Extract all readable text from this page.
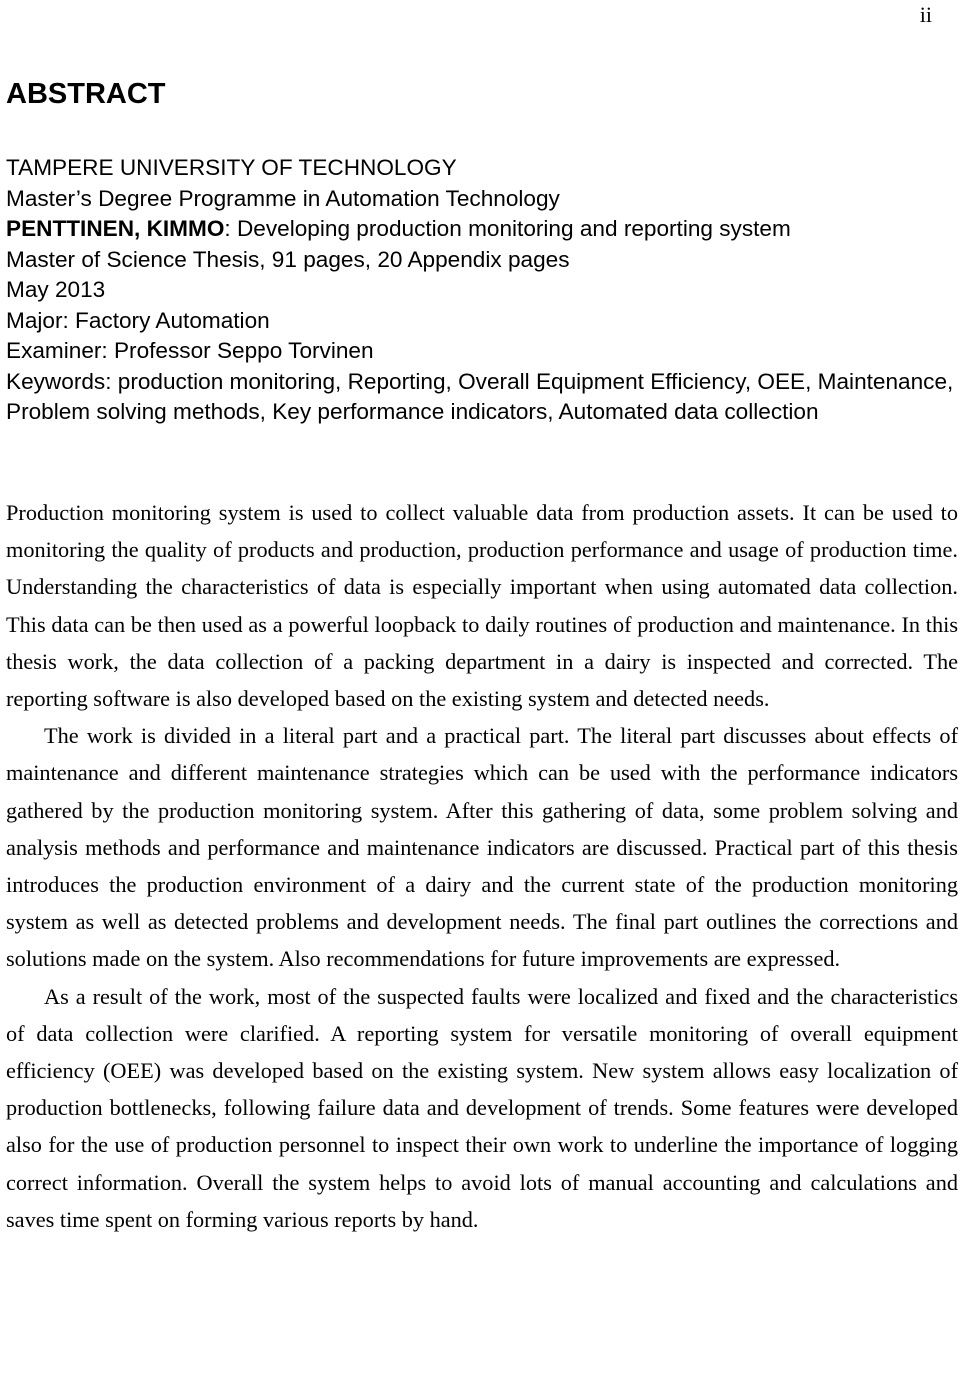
ii
ABSTRACT
TAMPERE UNIVERSITY OF TECHNOLOGY
Master’s Degree Programme in Automation Technology
PENTTINEN, KIMMO: Developing production monitoring and reporting system
Master of Science Thesis, 91 pages, 20 Appendix pages
May 2013
Major: Factory Automation
Examiner: Professor Seppo Torvinen
Keywords: production monitoring, Reporting, Overall Equipment Efficiency, OEE, Maintenance, Problem solving methods, Key performance indicators, Automated data collection

Production monitoring system is used to collect valuable data from production assets. It can be used to monitoring the quality of products and production, production performance and usage of production time. Understanding the characteristics of data is especially important when using automated data collection. This data can be then used as a powerful loopback to daily routines of production and maintenance. In this thesis work, the data collection of a packing department in a dairy is inspected and corrected. The reporting software is also developed based on the existing system and detected needs.

The work is divided in a literal part and a practical part. The literal part discusses about effects of maintenance and different maintenance strategies which can be used with the performance indicators gathered by the production monitoring system. After this gathering of data, some problem solving and analysis methods and performance and maintenance indicators are discussed. Practical part of this thesis introduces the production environment of a dairy and the current state of the production monitoring system as well as detected problems and development needs. The final part outlines the corrections and solutions made on the system. Also recommendations for future improvements are expressed.

As a result of the work, most of the suspected faults were localized and fixed and the characteristics of data collection were clarified. A reporting system for versatile monitoring of overall equipment efficiency (OEE) was developed based on the existing system. New system allows easy localization of production bottlenecks, following failure data and development of trends. Some features were developed also for the use of production personnel to inspect their own work to underline the importance of logging correct information. Overall the system helps to avoid lots of manual accounting and calculations and saves time spent on forming various reports by hand.
